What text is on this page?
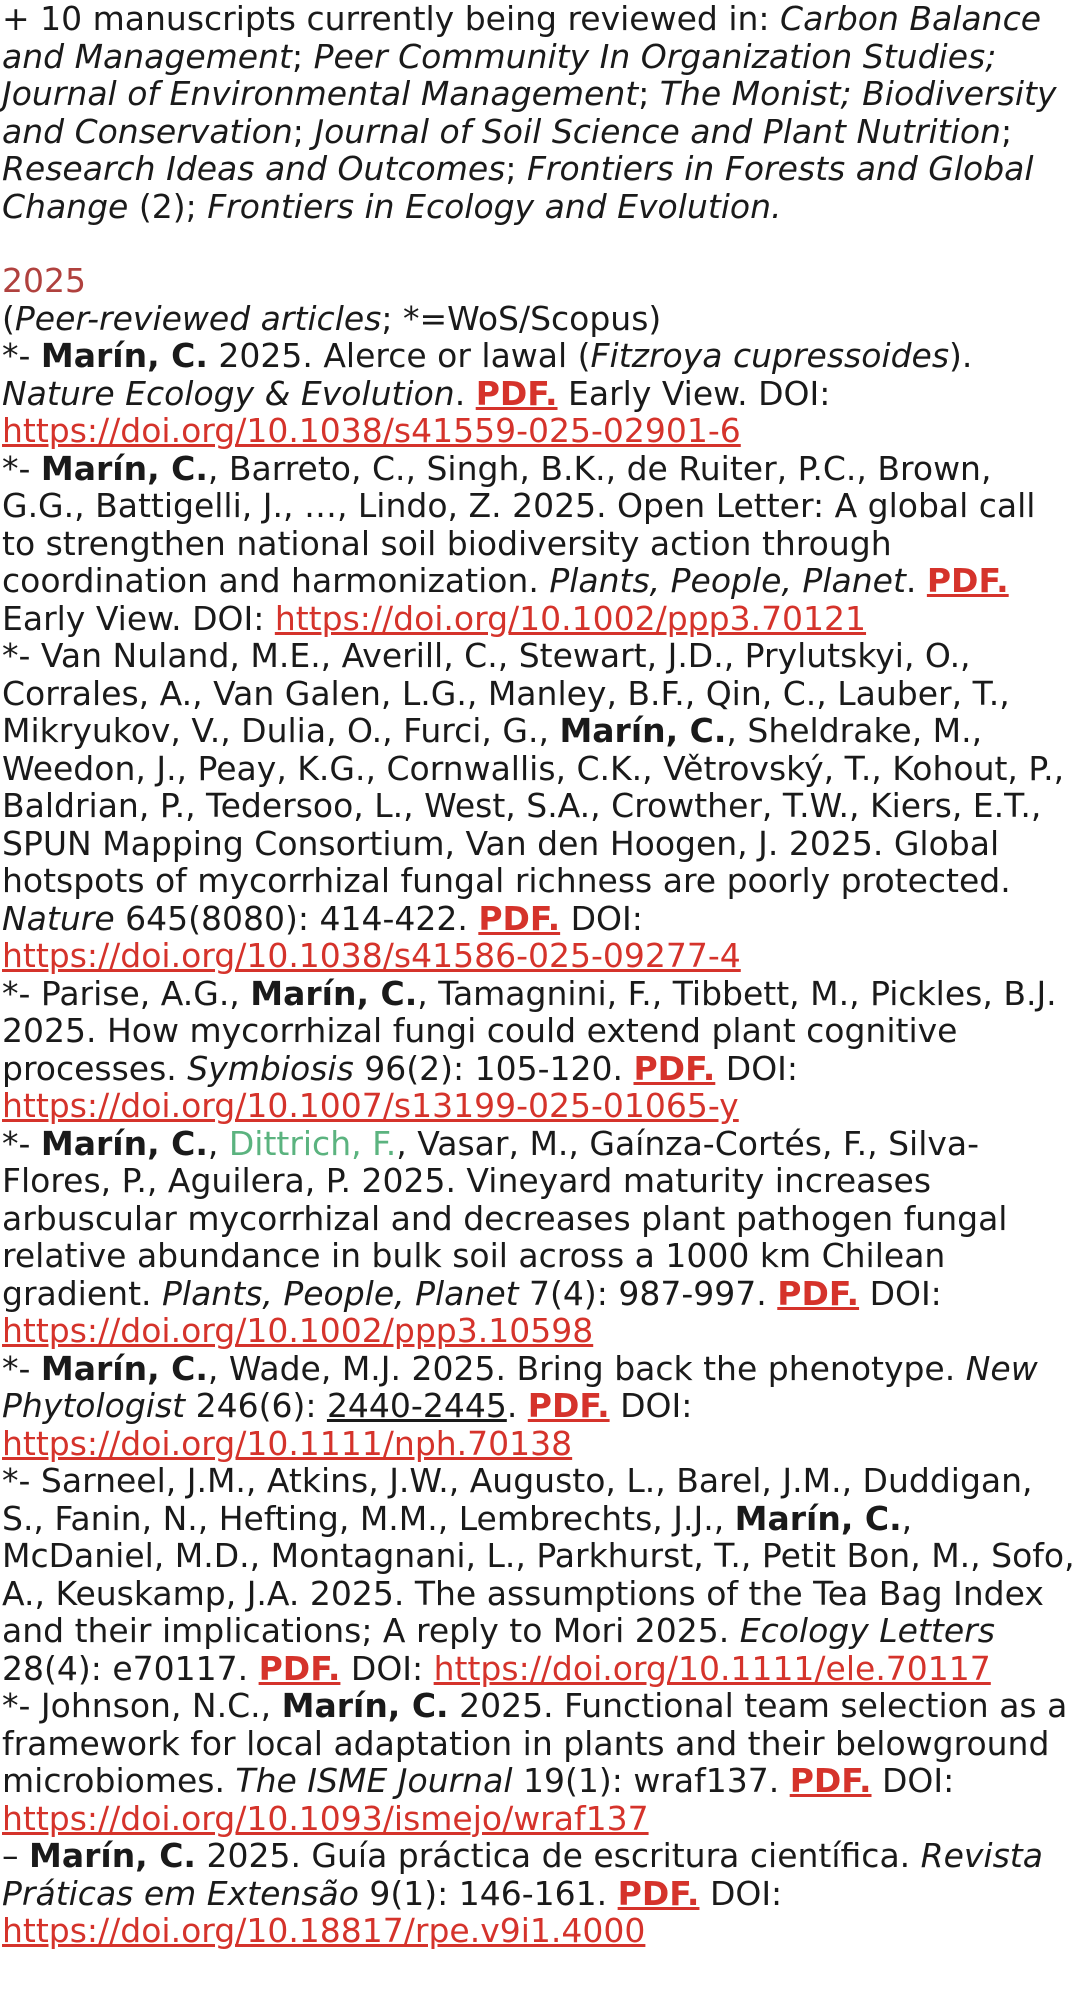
+ 10 manuscripts currently being reviewed in: Carbon Balance and Management; Peer Community In Organization Studies; Journal of Environmental Management; The Monist; Biodiversity and Conservation; Journal of Soil Science and Plant Nutrition; Research Ideas and Outcomes; Frontiers in Forests and Global Change (2); Frontiers in Ecology and Evolution.

2025

(Peer-reviewed articles; *=WoS/Scopus)

*- Marín, C. 2025. Alerce or lawal (Fitzroya cupressoides). Nature Ecology & Evolution. PDF. Early View. DOI: https://doi.org/10.1038/s41559-025-02901-6

*- Marín, C., Barreto, C., Singh, B.K., de Ruiter, P.C., Brown, G.G., Battigelli, J., …, Lindo, Z. 2025. Open Letter: A global call to strengthen national soil biodiversity action through coordination and harmonization. Plants, People, Planet. PDF. Early View. DOI: https://doi.org/10.1002/ppp3.70121

*- Van Nuland, M.E., Averill, C., Stewart, J.D., Prylutskyi, O., Corrales, A., Van Galen, L.G., Manley, B.F., Qin, C., Lauber, T., Mikryukov, V., Dulia, O., Furci, G., Marín, C., Sheldrake, M., Weedon, J., Peay, K.G., Cornwallis, C.K., Větrovský, T., Kohout, P., Baldrian, P., Tedersoo, L., West, S.A., Crowther, T.W., Kiers, E.T., SPUN Mapping Consortium, Van den Hoogen, J. 2025. Global hotspots of mycorrhizal fungal richness are poorly protected. Nature 645(8080): 414-422. PDF. DOI: https://doi.org/10.1038/s41586-025-09277-4

*- Parise, A.G., Marín, C., Tamagnini, F., Tibbett, M., Pickles, B.J. 2025. How mycorrhizal fungi could extend plant cognitive processes. Symbiosis 96(2): 105-120. PDF. DOI: https://doi.org/10.1007/s13199-025-01065-y

*- Marín, C., Dittrich, F., Vasar, M., Gaínza-Cortés, F., Silva-Flores, P., Aguilera, P. 2025. Vineyard maturity increases arbuscular mycorrhizal and decreases plant pathogen fungal relative abundance in bulk soil across a 1000 km Chilean gradient. Plants, People, Planet 7(4): 987-997. PDF. DOI: https://doi.org/10.1002/ppp3.10598

*- Marín, C., Wade, M.J. 2025. Bring back the phenotype. New Phytologist 246(6): 2440-2445. PDF. DOI: https://doi.org/10.1111/nph.70138

*- Sarneel, J.M., Atkins, J.W., Augusto, L., Barel, J.M., Duddigan, S., Fanin, N., Hefting, M.M., Lembrechts, J.J., Marín, C., McDaniel, M.D., Montagnani, L., Parkhurst, T., Petit Bon, M., Sofo, A., Keuskamp, J.A. 2025. The assumptions of the Tea Bag Index and their implications; A reply to Mori 2025. Ecology Letters 28(4): e70117. PDF. DOI: https://doi.org/10.1111/ele.70117

*- Johnson, N.C., Marín, C. 2025. Functional team selection as a framework for local adaptation in plants and their belowground microbiomes. The ISME Journal 19(1): wraf137. PDF. DOI: https://doi.org/10.1093/ismejo/wraf137

– Marín, C. 2025. Guía práctica de escritura científica. Revista Práticas em Extensão 9(1): 146-161. PDF. DOI: https://doi.org/10.18817/rpe.v9i1.4000
